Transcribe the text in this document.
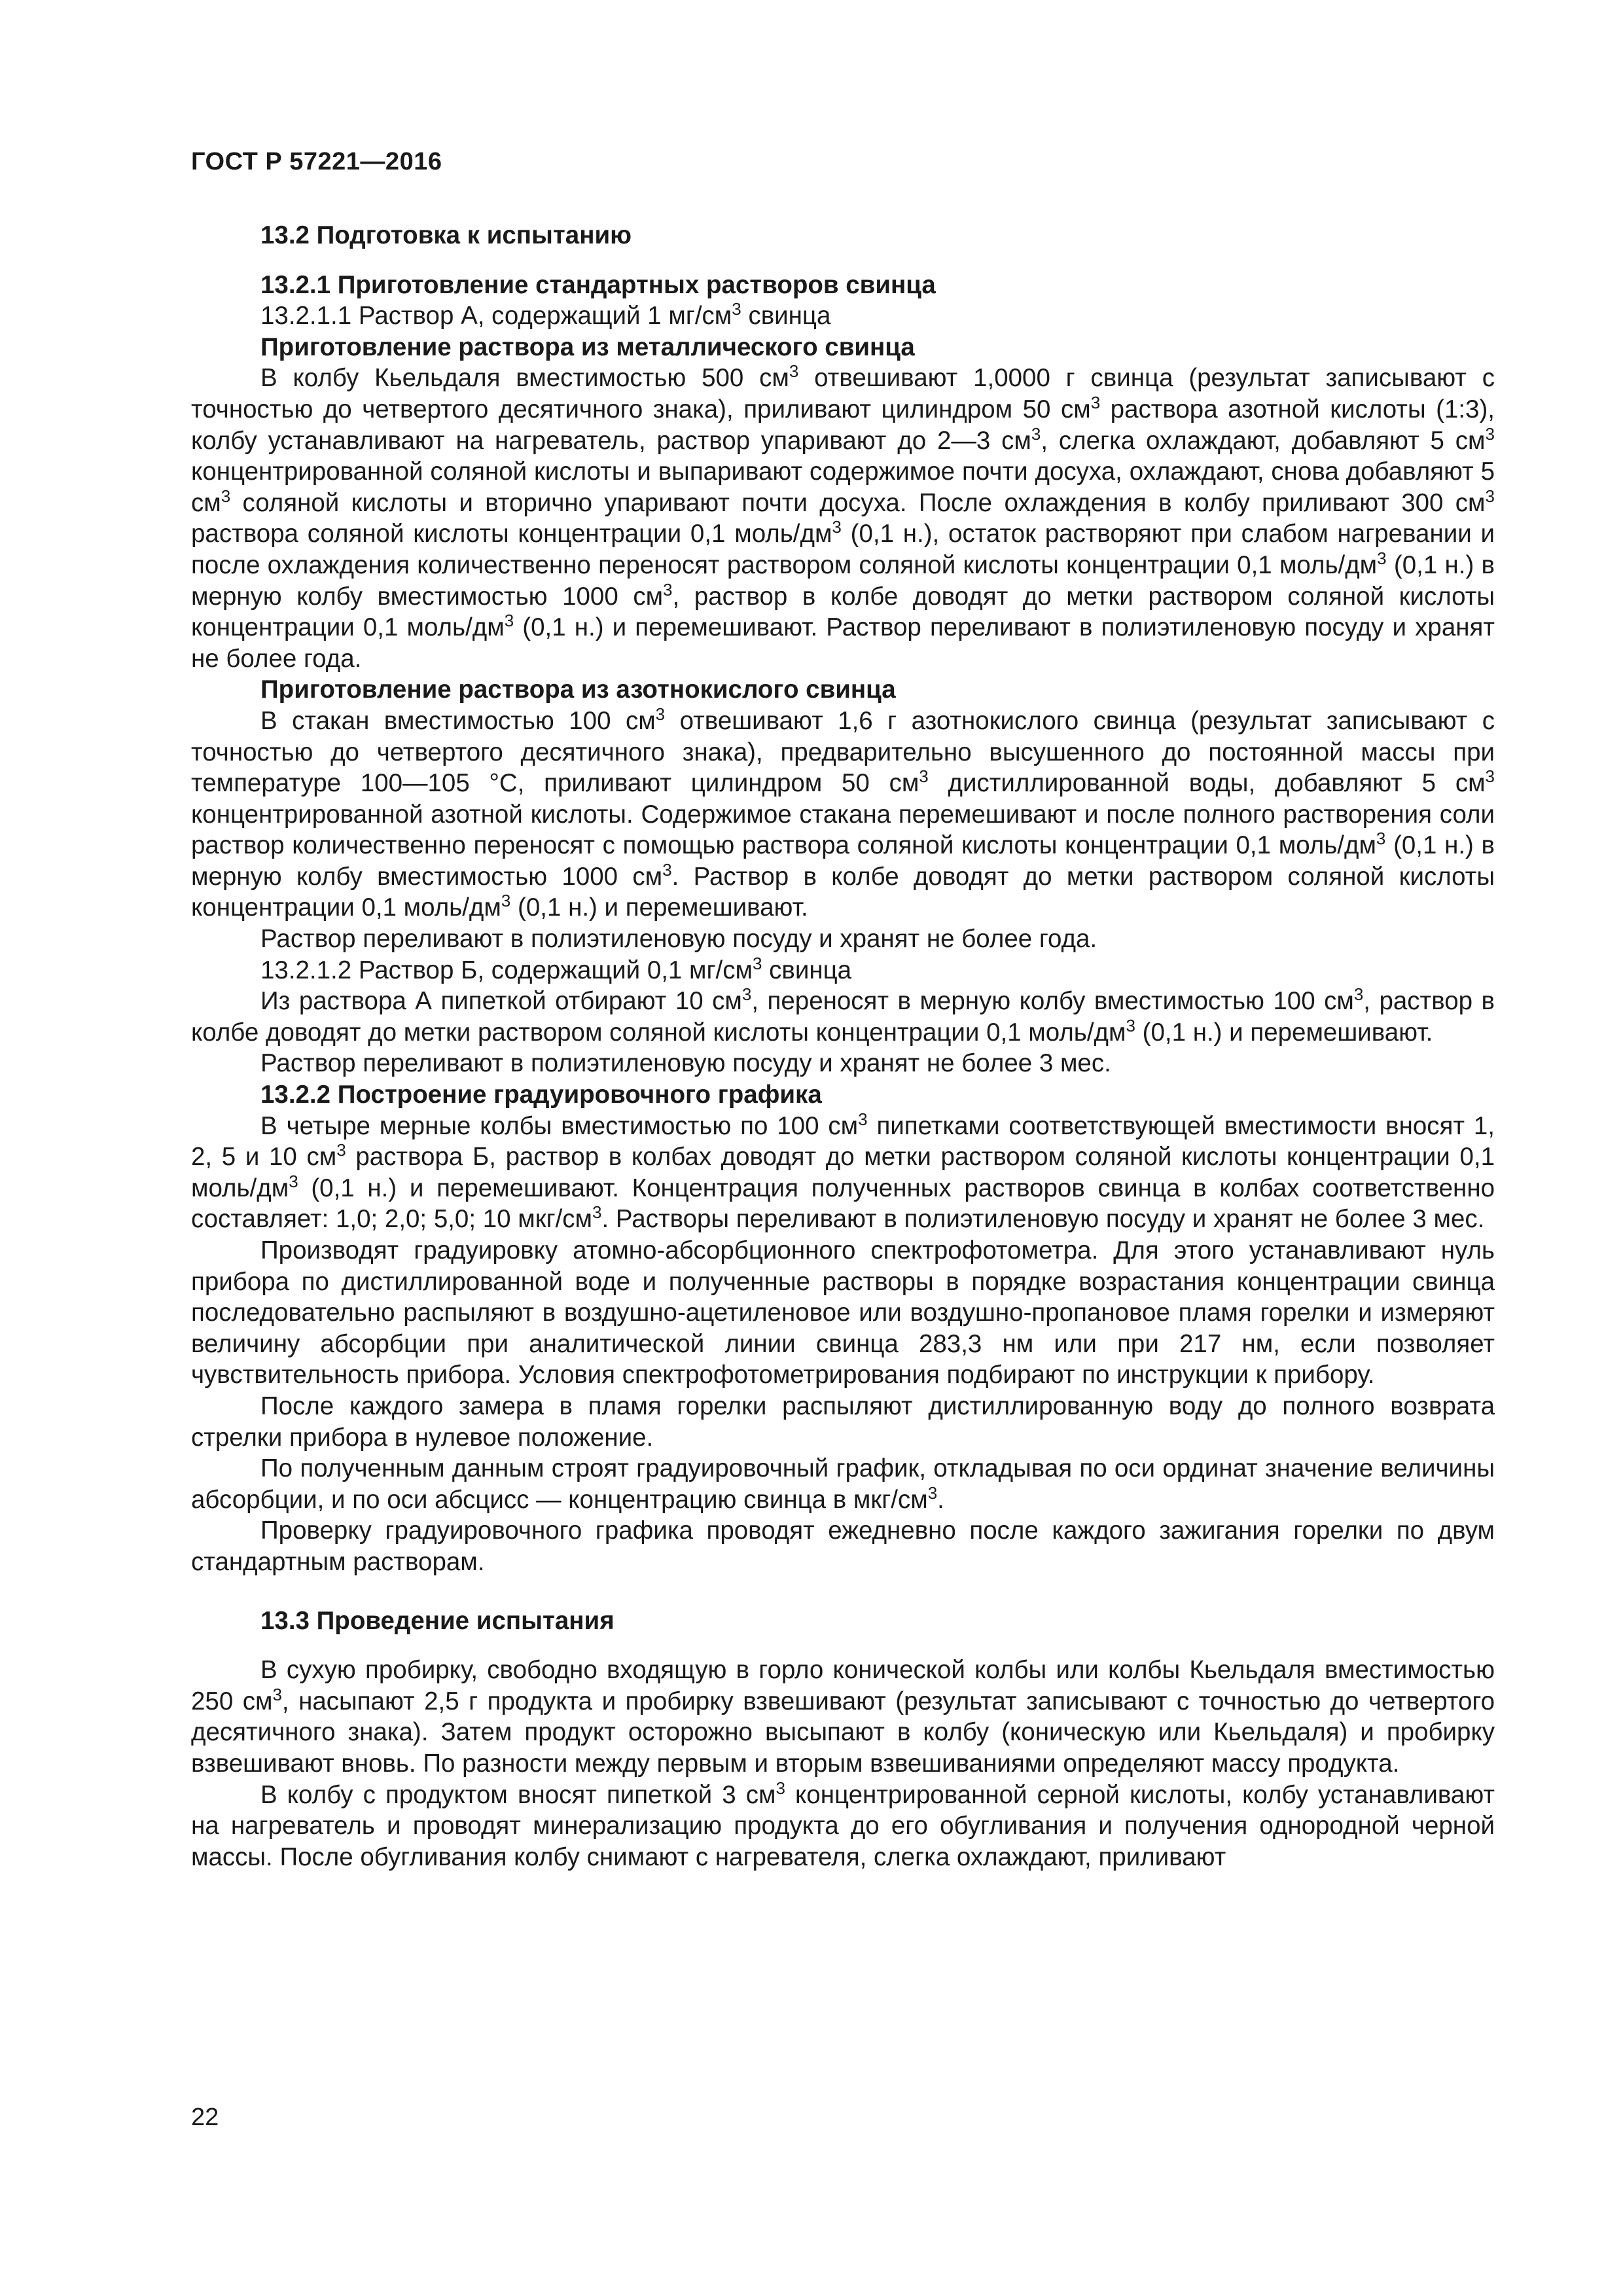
ГОСТ Р 57221—2016
13.2 Подготовка к испытанию
13.2.1 Приготовление стандартных растворов свинца

13.2.1.1 Раствор А, содержащий 1 $мг/см^3$ свинца

Приготовление раствора из металлического свинца

В колбу Кьельдаля вместимостью 500 $см^3$ отвешивают 1,0000 г свинца (результат записывают с точностью до четвертого десятичного знака), приливают цилиндром 50 $см^3$ раствора азотной кислоты (1:3), колбу устанавливают на нагреватель, раствор упаривают до 2—3 $см^3$, слегка охлаждают, добавляют 5 $см^3$ концентрированной соляной кислоты и выпаривают содержимое почти досуха, охлаждают, снова добавляют 5 $см^3$ соляной кислоты и вторично упаривают почти досуха. После охлаждения в колбу приливают 300 $см^3$ раствора соляной кислоты концентрации 0,1 моль/$дм^3$ (0,1 н.), остаток растворяют при слабом нагревании и после охлаждения количественно переносят раствором соляной кислоты концентрации 0,1 моль/$дм^3$ (0,1 н.) в мерную колбу вместимостью 1000 $см^3$, раствор в колбе доводят до метки раствором соляной кислоты концентрации 0,1 моль/$дм^3$ (0,1 н.) и перемешивают. Раствор переливают в полиэтиленовую посуду и хранят не более года.

Приготовление раствора из азотнокислого свинца

В стакан вместимостью 100 $см^3$ отвешивают 1,6 г азотнокислого свинца (результат записывают с точностью до четвертого десятичного знака), предварительно высушенного до постоянной массы при температуре 100—105 °С, приливают цилиндром 50 $см^3$ дистиллированной воды, добавляют 5 $см^3$ концентрированной азотной кислоты. Содержимое стакана перемешивают и после полного растворения соли раствор количественно переносят с помощью раствора соляной кислоты концентрации 0,1 моль/$дм^3$ (0,1 н.) в мерную колбу вместимостью 1000 $см^3$. Раствор в колбе доводят до метки раствором соляной кислоты концентрации 0,1 моль/$дм^3$ (0,1 н.) и перемешивают.

Раствор переливают в полиэтиленовую посуду и хранят не более года.

13.2.1.2 Раствор Б, содержащий 0,1 $мг/см^3$ свинца

Из раствора А пипеткой отбирают 10 $см^3$, переносят в мерную колбу вместимостью 100 $см^3$, раствор в колбе доводят до метки раствором соляной кислоты концентрации 0,1 моль/$дм^3$ (0,1 н.) и перемешивают.

Раствор переливают в полиэтиленовую посуду и хранят не более 3 мес.

13.2.2 Построение градуировочного графика

В четыре мерные колбы вместимостью по 100 $см^3$ пипетками соответствующей вместимости вносят 1, 2, 5 и 10 $см^3$ раствора Б, раствор в колбах доводят до метки раствором соляной кислоты концентрации 0,1 моль/$дм^3$ (0,1 н.) и перемешивают. Концентрация полученных растворов свинца в колбах соответственно составляет: 1,0; 2,0; 5,0; 10 мкг/$см^3$. Растворы переливают в полиэтиленовую посуду и хранят не более 3 мес.

Производят градуировку атомно-абсорбционного спектрофотометра. Для этого устанавливают нуль прибора по дистиллированной воде и полученные растворы в порядке возрастания концентрации свинца последовательно распыляют в воздушно-ацетиленовое или воздушно-пропановое пламя горелки и измеряют величину абсорбции при аналитической линии свинца 283,3 нм или при 217 нм, если позволяет чувствительность прибора. Условия спектрофотометрирования подбирают по инструкции к прибору.

После каждого замера в пламя горелки распыляют дистиллированную воду до полного возврата стрелки прибора в нулевое положение.

По полученным данным строят градуировочный график, откладывая по оси ординат значение величины абсорбции, и по оси абсцисс — концентрацию свинца в мкг/$см^3$.

Проверку градуировочного графика проводят ежедневно после каждого зажигания горелки по двум стандартным растворам.

13.3 Проведение испытания

В сухую пробирку, свободно входящую в горло конической колбы или колбы Кьельдаля вместимостью 250 $см^3$, насыпают 2,5 г продукта и пробирку взвешивают (результат записывают с точностью до четвертого десятичного знака). Затем продукт осторожно высыпают в колбу (коническую или Кьельдаля) и пробирку взвешивают вновь. По разности между первым и вторым взвешиваниями определяют массу продукта.

В колбу с продуктом вносят пипеткой 3 $см^3$ концентрированной серной кислоты, колбу устанавливают на нагреватель и проводят минерализацию продукта до его обугливания и получения однородной черной массы. После обугливания колбу снимают с нагревателя, слегка охлаждают, приливают

22
